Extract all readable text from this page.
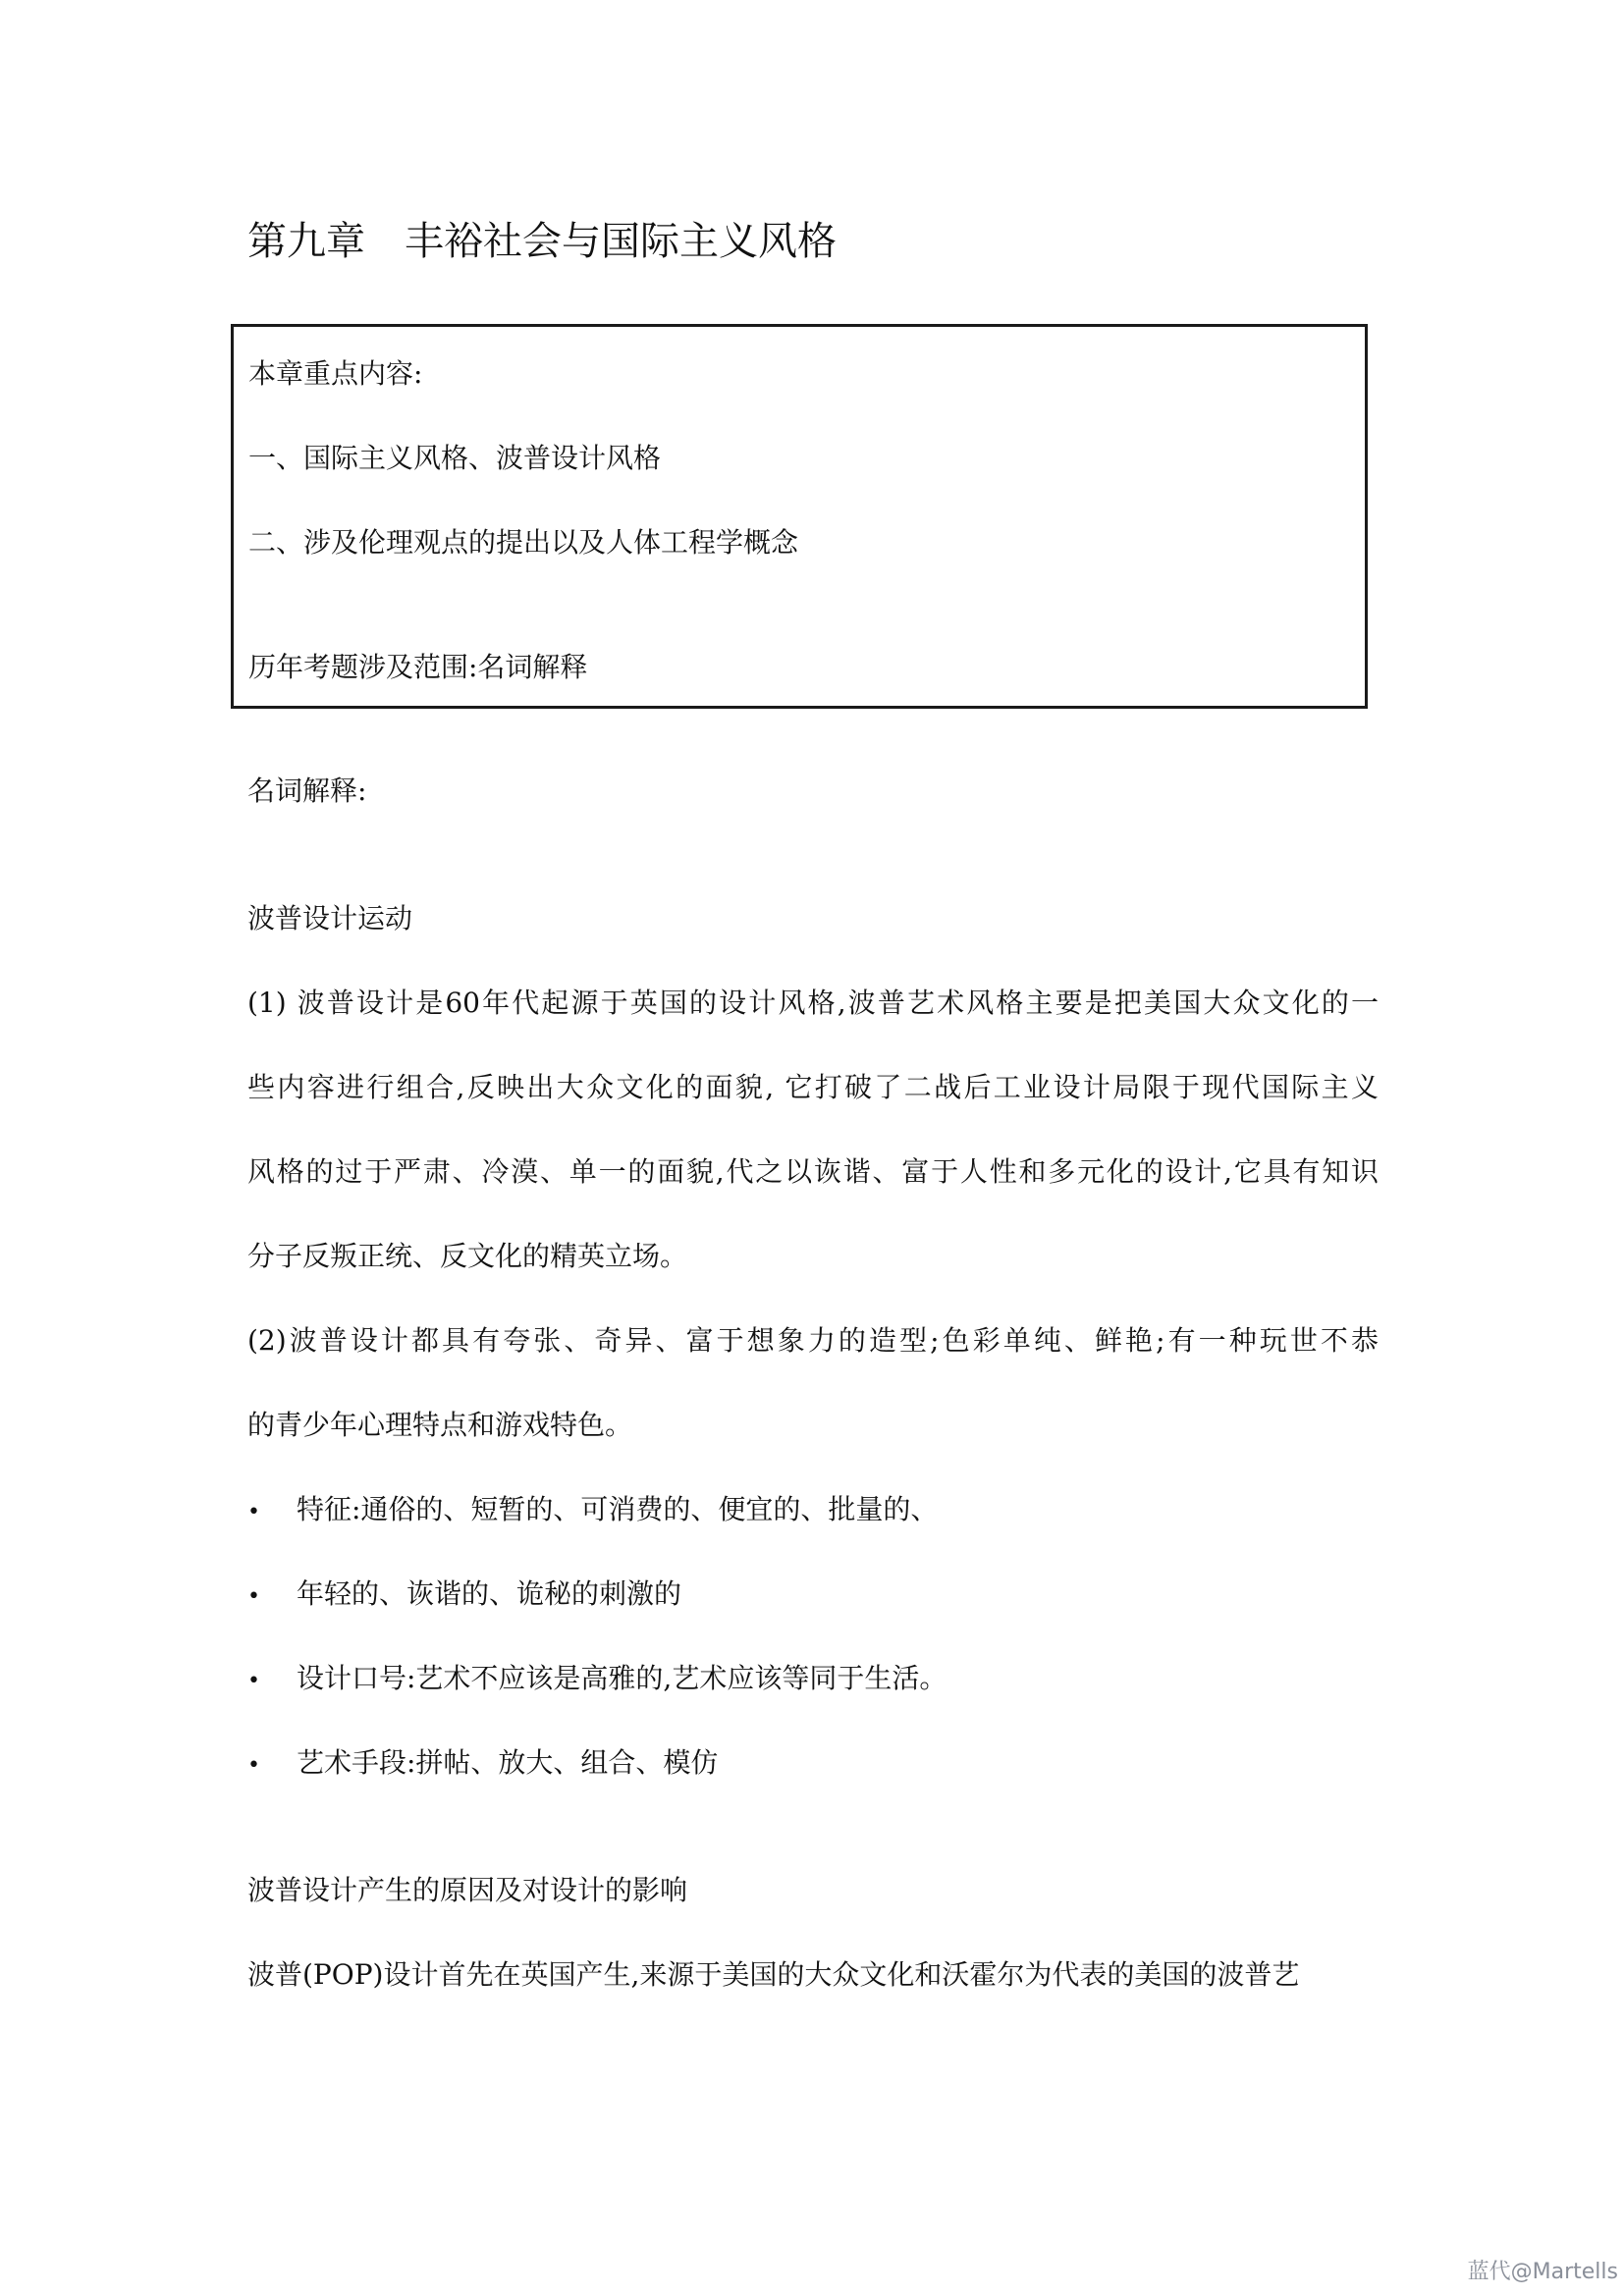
第九章 丰裕社会与国际主义风格
本章重点内容:
一、国际主义风格、波普设计风格
二、涉及伦理观点的提出以及人体工程学概念
历年考题涉及范围:名词解释
名词解释:
波普设计运动
(1) 波普设计是60年代起源于英国的设计风格,波普艺术风格主要是把美国大众文化的一
些内容进行组合,反映出大众文化的面貌, 它打破了二战后工业设计局限于现代国际主义
风格的过于严肃、冷漠、单一的面貌,代之以诙谐、富于人性和多元化的设计,它具有知识
分子反叛正统、反文化的精英立场。
(2)波普设计都具有夸张、奇异、富于想象力的造型;色彩单纯、鲜艳;有一种玩世不恭
的青少年心理特点和游戏特色。
• 特征:通俗的、短暂的、可消费的、便宜的、批量的、
• 年轻的、诙谐的、诡秘的刺激的
• 设计口号:艺术不应该是高雅的,艺术应该等同于生活。
• 艺术手段:拼帖、放大、组合、模仿
波普设计产生的原因及对设计的影响
波普(POP)设计首先在英国产生,来源于美国的大众文化和沃霍尔为代表的美国的波普艺
蓝代@Martells
